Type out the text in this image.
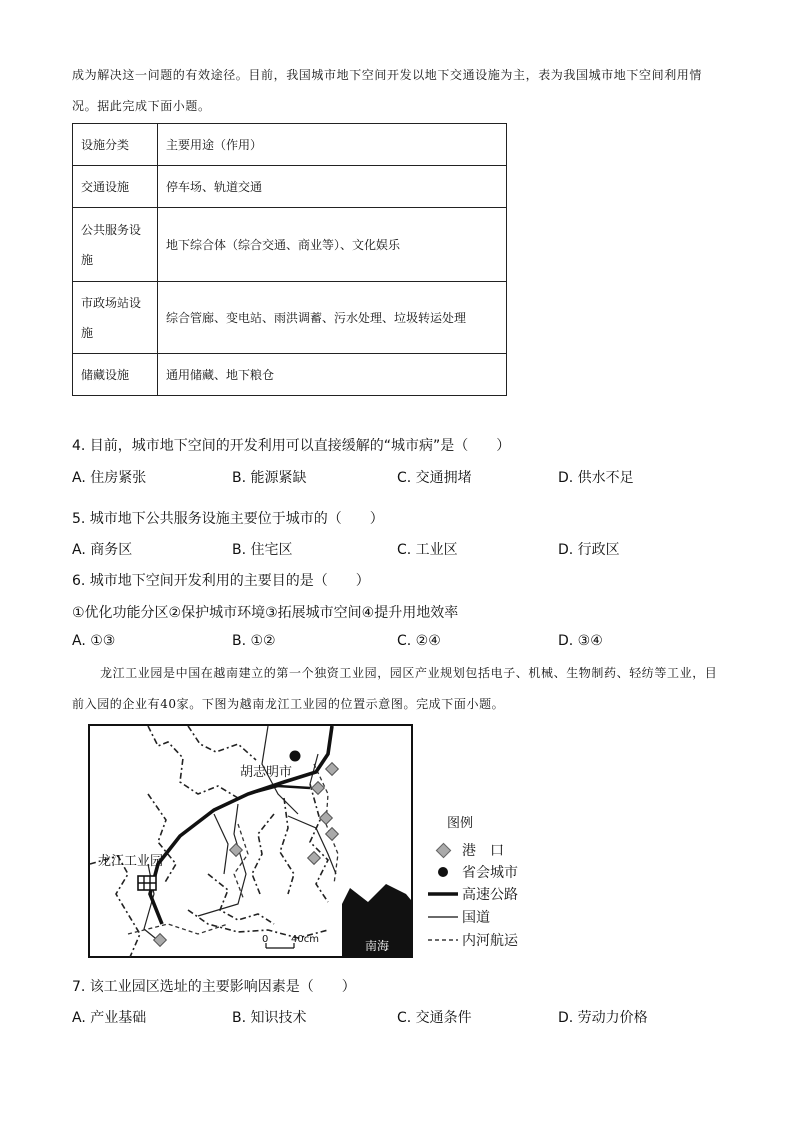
成为解决这一问题的有效途径。目前，我国城市地下空间开发以地下交通设施为主，表为我国城市地下空间利用情况。据此完成下面小题。
设施分类	主要用途（作用）
交通设施	停车场、轨道交通
公共服务设施	地下综合体（综合交通、商业等）、文化娱乐
市政场站设施	综合管廊、变电站、雨洪调蓄、污水处理、垃圾转运处理
储藏设施	通用储藏、地下粮仓
4. 目前，城市地下空间的开发利用可以直接缓解的“城市病”是（　　）
A. 住房紧张	B. 能源紧缺	C. 交通拥堵	D. 供水不足
5. 城市地下公共服务设施主要位于城市的（　　）
A. 商务区	B. 住宅区	C. 工业区	D. 行政区
6. 城市地下空间开发利用的主要目的是（　　）
①优化功能分区②保护城市环境③拓展城市空间④提升用地效率
A. ①③	B. ①②	C. ②④	D. ③④
龙江工业园是中国在越南建立的第一个独资工业园，园区产业规划包括电子、机械、生物制药、轻纺等工业，目前入园的企业有40家。下图为越南龙江工业园的位置示意图。完成下面小题。
胡志明市
龙江工业园
南海
0 40cm
图例
港　口
省会城市
高速公路
国道
内河航运
7. 该工业园区选址的主要影响因素是（　　）
A. 产业基础	B. 知识技术	C. 交通条件	D. 劳动力价格
